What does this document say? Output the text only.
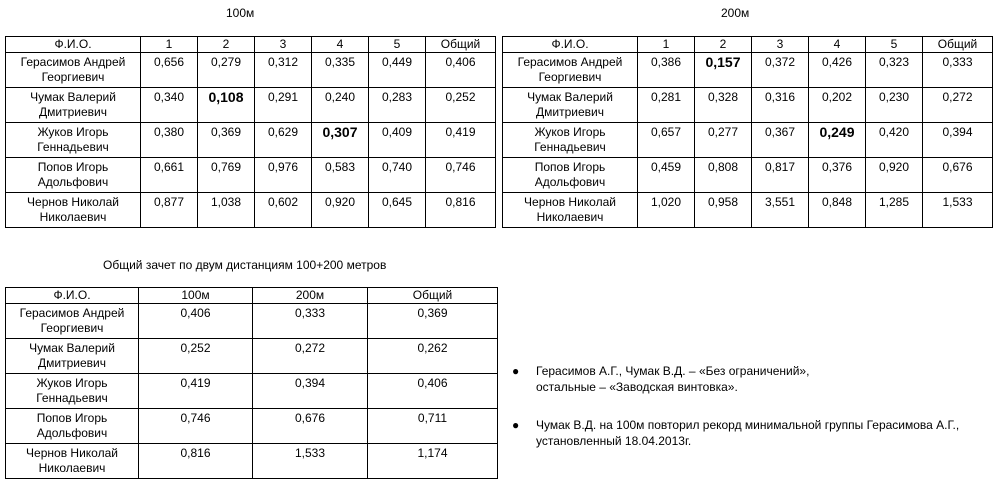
100м	200м
Общий зачет по двум дистанциям 100+200 метров
Ф.И.О.	1	2	3	4	5	Общий
Герасимов Андрей Георгиевич	0,656	0,279	0,312	0,335	0,449	0,406
Чумак Валерий Дмитриевич	0,340	0,108	0,291	0,240	0,283	0,252
Жуков Игорь Геннадьевич	0,380	0,369	0,629	0,307	0,409	0,419
Попов Игорь Адольфович	0,661	0,769	0,976	0,583	0,740	0,746
Чернов Николай Николаевич	0,877	1,038	0,602	0,920	0,645	0,816
Ф.И.О.	1	2	3	4	5	Общий
Герасимов Андрей Георгиевич	0,386	0,157	0,372	0,426	0,323	0,333
Чумак Валерий Дмитриевич	0,281	0,328	0,316	0,202	0,230	0,272
Жуков Игорь Геннадьевич	0,657	0,277	0,367	0,249	0,420	0,394
Попов Игорь Адольфович	0,459	0,808	0,817	0,376	0,920	0,676
Чернов Николай Николаевич	1,020	0,958	3,551	0,848	1,285	1,533
Ф.И.О.	100м	200м	Общий
Герасимов Андрей Георгиевич	0,406	0,333	0,369
Чумак Валерий Дмитриевич	0,252	0,272	0,262
Жуков Игорь Геннадьевич	0,419	0,394	0,406
Попов Игорь Адольфович	0,746	0,676	0,711
Чернов Николай Николаевич	0,816	1,533	1,174
● Герасимов А.Г., Чумак В.Д. – «Без ограничений»,
остальные – «Заводская винтовка».
● Чумак В.Д. на 100м повторил рекорд минимальной группы Герасимова А.Г.,
установленный 18.04.2013г.
